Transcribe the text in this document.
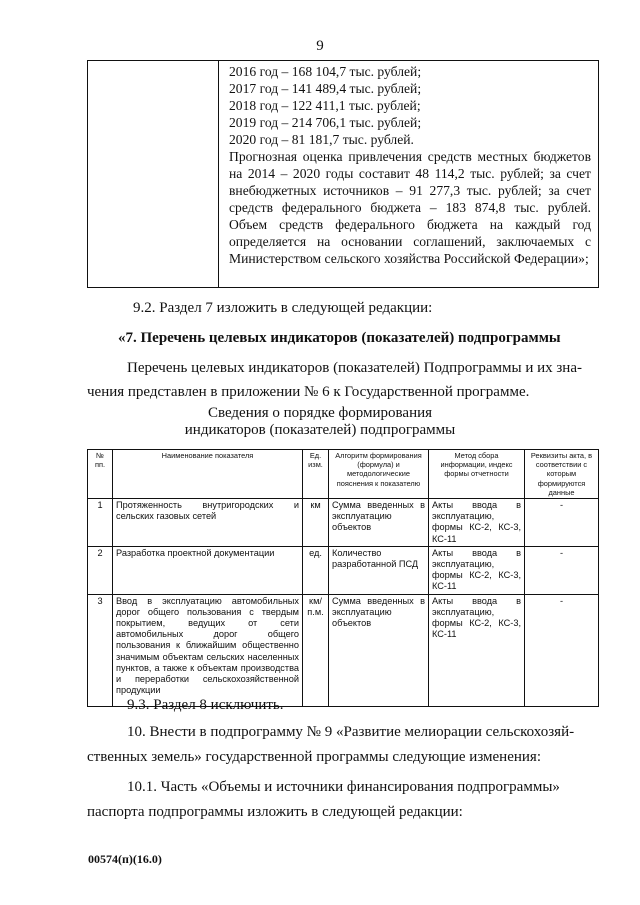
9
2016 год – 168 104,7 тыс. рублей;
2017 год – 141 489,4 тыс. рублей;
2018 год – 122 411,1 тыс. рублей;
2019 год – 214 706,1 тыс. рублей;
2020 год – 81 181,7 тыс. рублей.
Прогнозная оценка привлечения средств местных бюджетов на 2014 – 2020 годы составит 48 114,2 тыс. рублей; за счет внебюджетных источников – 91 277,3 тыс. рублей; за счет средств федерального бюджета – 183 874,8 тыс. рублей. Объем средств федерального бюджета на каждый год определяется на основании соглашений, заключаемых с Министерством сельского хозяйства Российской Федерации»;
9.2. Раздел 7 изложить в следующей редакции:
«7. Перечень целевых индикаторов (показателей) подпрограммы
Перечень целевых индикаторов (показателей) Подпрограммы и их зна-
чения представлен в приложении № 6 к Государственной программе.
Сведения о порядке формирования
индикаторов (показателей) подпрограммы
№ пп.	Наименование показателя	Ед. изм.	Алгоритм формирования (формула) и методологические пояснения к показателю	Метод сбора информации, индекс формы отчетности	Реквизиты акта, в соответствии с которым формируются данные
1	Протяженность внутригородских и сельских газовых сетей	км	Сумма введенных в эксплуатацию объектов	Акты ввода в эксплуатацию, формы КС-2, КС-3, КС-11	-
2	Разработка проектной документации	ед.	Количество разработанной ПСД	Акты ввода в эксплуатацию, формы КС-2, КС-3, КС-11	-
3	Ввод в эксплуатацию автомобильных дорог общего пользования с твердым покрытием, ведущих от сети автомобильных дорог общего пользования к ближайшим общественно значимым объектам сельских населенных пунктов, а также к объектам производства и переработки сельскохозяйственной продукции	км/ п.м.	Сумма введенных в эксплуатацию объектов	Акты ввода в эксплуатацию, формы КС-2, КС-3, КС-11	-
9.3. Раздел 8 исключить.
10. Внести в подпрограмму № 9 «Развитие мелиорации сельскохозяй-
ственных земель» государственной программы следующие изменения:
10.1. Часть «Объемы и источники финансирования подпрограммы»
паспорта подпрограммы изложить в следующей редакции:
00574(п)(16.0)
